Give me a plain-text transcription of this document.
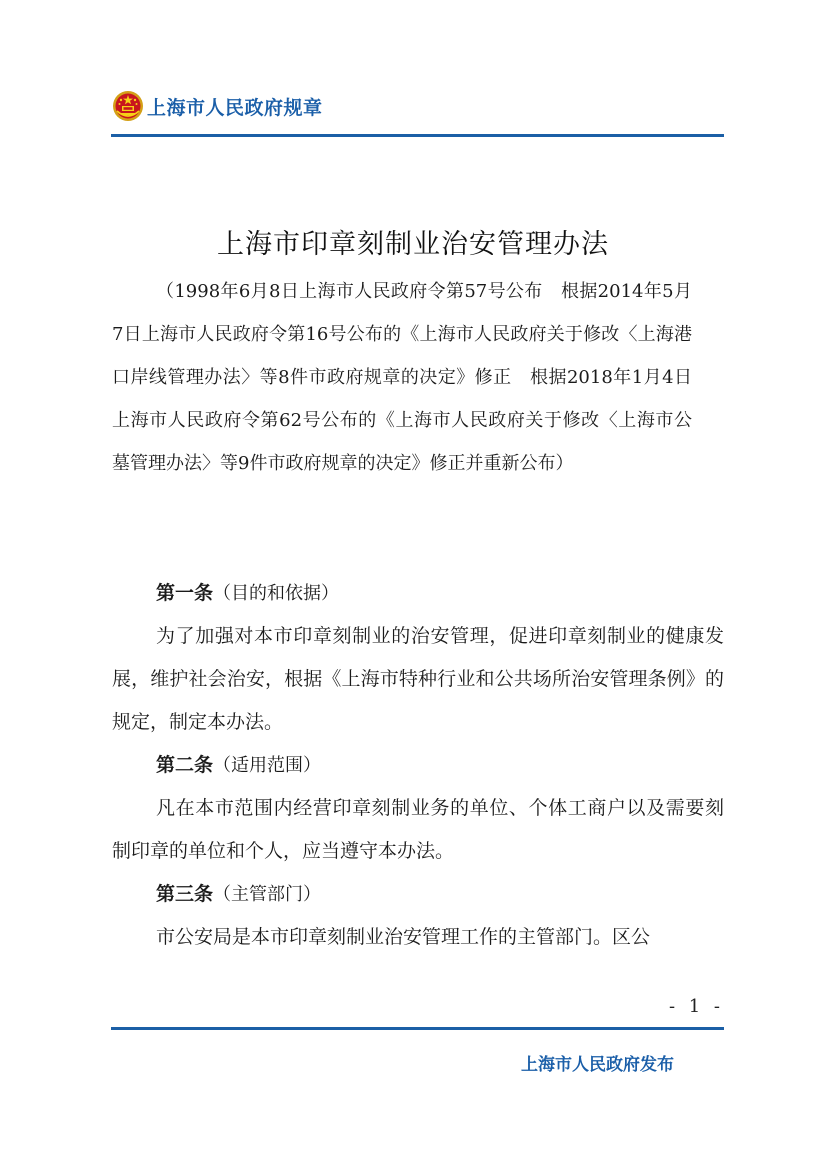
上海市人民政府规章
上海市印章刻制业治安管理办法
（1998年6月8日上海市人民政府令第57号公布　根据2014年5月7日上海市人民政府令第16号公布的《上海市人民政府关于修改〈上海港口岸线管理办法〉等8件市政府规章的决定》修正　根据2018年1月4日上海市人民政府令第62号公布的《上海市人民政府关于修改〈上海市公墓管理办法〉等9件市政府规章的决定》修正并重新公布）
第一条（目的和依据）
为了加强对本市印章刻制业的治安管理，促进印章刻制业的健康发展，维护社会治安，根据《上海市特种行业和公共场所治安管理条例》的规定，制定本办法。
第二条（适用范围）
凡在本市范围内经营印章刻制业务的单位、个体工商户以及需要刻制印章的单位和个人，应当遵守本办法。
第三条（主管部门）
市公安局是本市印章刻制业治安管理工作的主管部门。区公
- 1 -
上海市人民政府发布
